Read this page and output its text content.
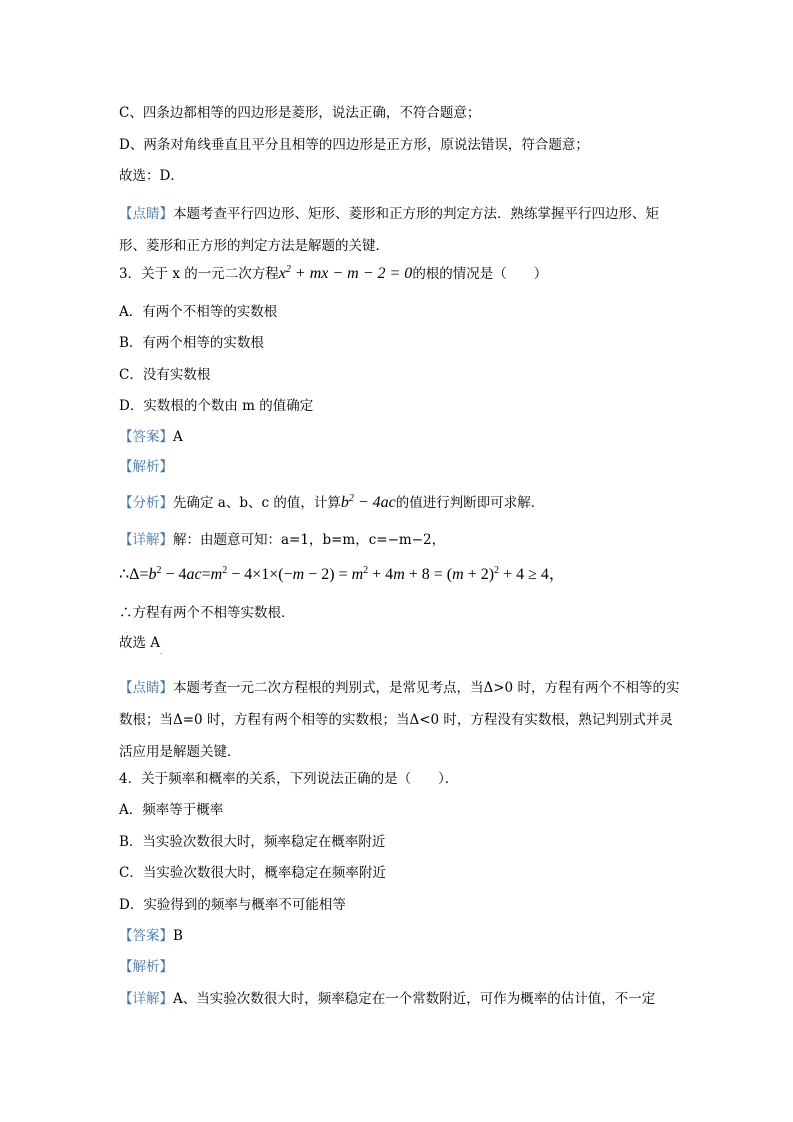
C、四条边都相等的四边形是菱形，说法正确，不符合题意；
D、两条对角线垂直且平分且相等的四边形是正方形，原说法错误，符合题意；
故选：D．
【点睛】本题考查平行四边形、矩形、菱形和正方形的判定方法．熟练掌握平行四边形、矩形、菱形和正方形的判定方法是解题的关键．
3．关于 x 的一元二次方程$x^2$ + mx − m − 2 = 0的根的情况是（　　）
A．有两个不相等的实数根
B．有两个相等的实数根
C．没有实数根
D．实数根的个数由 m 的值确定
【答案】A
【解析】
【分析】先确定 a、b、c 的值，计算$b^2 - 4ac$的值进行判断即可求解．
【详解】解：由题意可知：a=1，b=m，c=−m−2，
$\therefore\Delta=b^2 - 4ac=m^2 - 4\times 1\times(-m - 2) = m^2 + 4m + 8 = (m + 2)^2 + 4 \ge 4$，
∴方程有两个不相等实数根．
故选 A
·
【点睛】本题考查一元二次方程根的判别式，是常见考点，当Δ>0 时，方程有两个不相等的实数根；当Δ=0 时，方程有两个相等的实数根；当Δ<0 时，方程没有实数根，熟记判别式并灵活应用是解题关键．
4．关于频率和概率的关系，下列说法正确的是（　　）．
A．频率等于概率
B．当实验次数很大时，频率稳定在概率附近
C．当实验次数很大时，概率稳定在频率附近
D．实验得到的频率与概率不可能相等
【答案】B
【解析】
【详解】A、当实验次数很大时，频率稳定在一个常数附近，可作为概率的估计值，不一定
